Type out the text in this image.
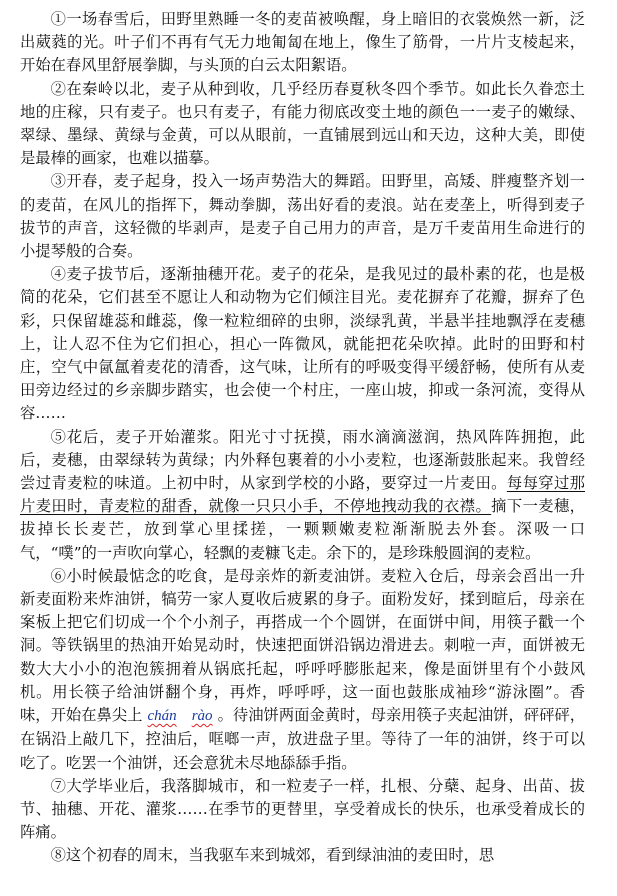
①一场春雪后，田野里熟睡一冬的麦苗被唤醒，身上暗旧的衣裳焕然一新，泛出葳蕤的光。叶子们不再有气无力地匍匐在地上，像生了筋骨，一片片支棱起来，开始在春风里舒展拳脚，与头顶的白云太阳絮语。

②在秦岭以北，麦子从种到收，几乎经历春夏秋冬四个季节。如此长久眷恋土地的庄稼，只有麦子。也只有麦子，有能力彻底改变土地的颜色一一麦子的嫩绿、翠绿、墨绿、黄绿与金黄，可以从眼前，一直铺展到远山和天边，这种大美，即使是最棒的画家，也难以描摹。

③开春，麦子起身，投入一场声势浩大的舞蹈。田野里，高矮、胖瘦整齐划一的麦苗，在风儿的指挥下，舞动拳脚，荡出好看的麦浪。站在麦垄上，听得到麦子拔节的声音，这轻微的毕剥声，是麦子自己用力的声音，是万千麦苗用生命进行的小提琴般的合奏。

④麦子拔节后，逐渐抽穗开花。麦子的花朵，是我见过的最朴素的花，也是极简的花朵，它们甚至不愿让人和动物为它们倾注目光。麦花摒弃了花瓣，摒弃了色彩，只保留雄蕊和雌蕊，像一粒粒细碎的虫卵，淡绿乳黄，半悬半挂地飘浮在麦穗上，让人忍不住为它们担心，担心一阵微风，就能把花朵吹掉。此时的田野和村庄，空气中氤氲着麦花的清香，这气味，让所有的呼吸变得平缓舒畅，使所有从麦田旁边经过的乡亲脚步踏实，也会使一个村庄，一座山坡，抑或一条河流，变得从容……

⑤花后，麦子开始灌浆。阳光寸寸抚摸，雨水滴滴滋润，热风阵阵拥抱，此后，麦穗，由翠绿转为黄绿；内外释包裹着的小小麦粒，也逐渐鼓胀起来。我曾经尝过青麦粒的味道。上初中时，从家到学校的小路，要穿过一片麦田。每每穿过那片麦田时，青麦粒的甜香，就像一只只小手，不停地拽动我的衣襟。摘下一麦穗，拔掉长长麦芒，放到掌心里揉搓，一颗颗嫩麦粒渐渐脱去外套。深吸一口气，“噗”的一声吹向掌心，轻飘的麦糠飞走。余下的，是珍珠般圆润的麦粒。

⑥小时候最惦念的吃食，是母亲炸的新麦油饼。麦粒入仓后，母亲会舀出一升新麦面粉来炸油饼，犒劳一家人夏收后疲累的身子。面粉发好，揉到暄后，母亲在案板上把它们切成一个个小剂子，再搭成一个个圆饼，在面饼中间，用筷子戳一个洞。等铁锅里的热油开始晃动时，快速把面饼沿锅边滑进去。刺啦一声，面饼被无数大大小小的泡泡簇拥着从锅底托起，呼呼呼膨胀起来，像是面饼里有个小鼓风机。用长筷子给油饼翻个身，再炸，呼呼呼，这一面也鼓胀成袖珍“游泳圈”。香味，开始在鼻尖上 chán rào 。待油饼两面金黄时，母亲用筷子夹起油饼，砰砰砰，在锅沿上敲几下，控油后，哐啷一声，放进盘子里。等待了一年的油饼，终于可以吃了。吃罢一个油饼，还会意犹未尽地舔舔手指。

⑦大学毕业后，我落脚城市，和一粒麦子一样，扎根、分蘖、起身、出苗、拔节、抽穗、开花、灌浆……在季节的更替里，享受着成长的快乐，也承受着成长的阵痛。

⑧这个初春的周末，当我驱车来到城郊，看到绿油油的麦田时，思
